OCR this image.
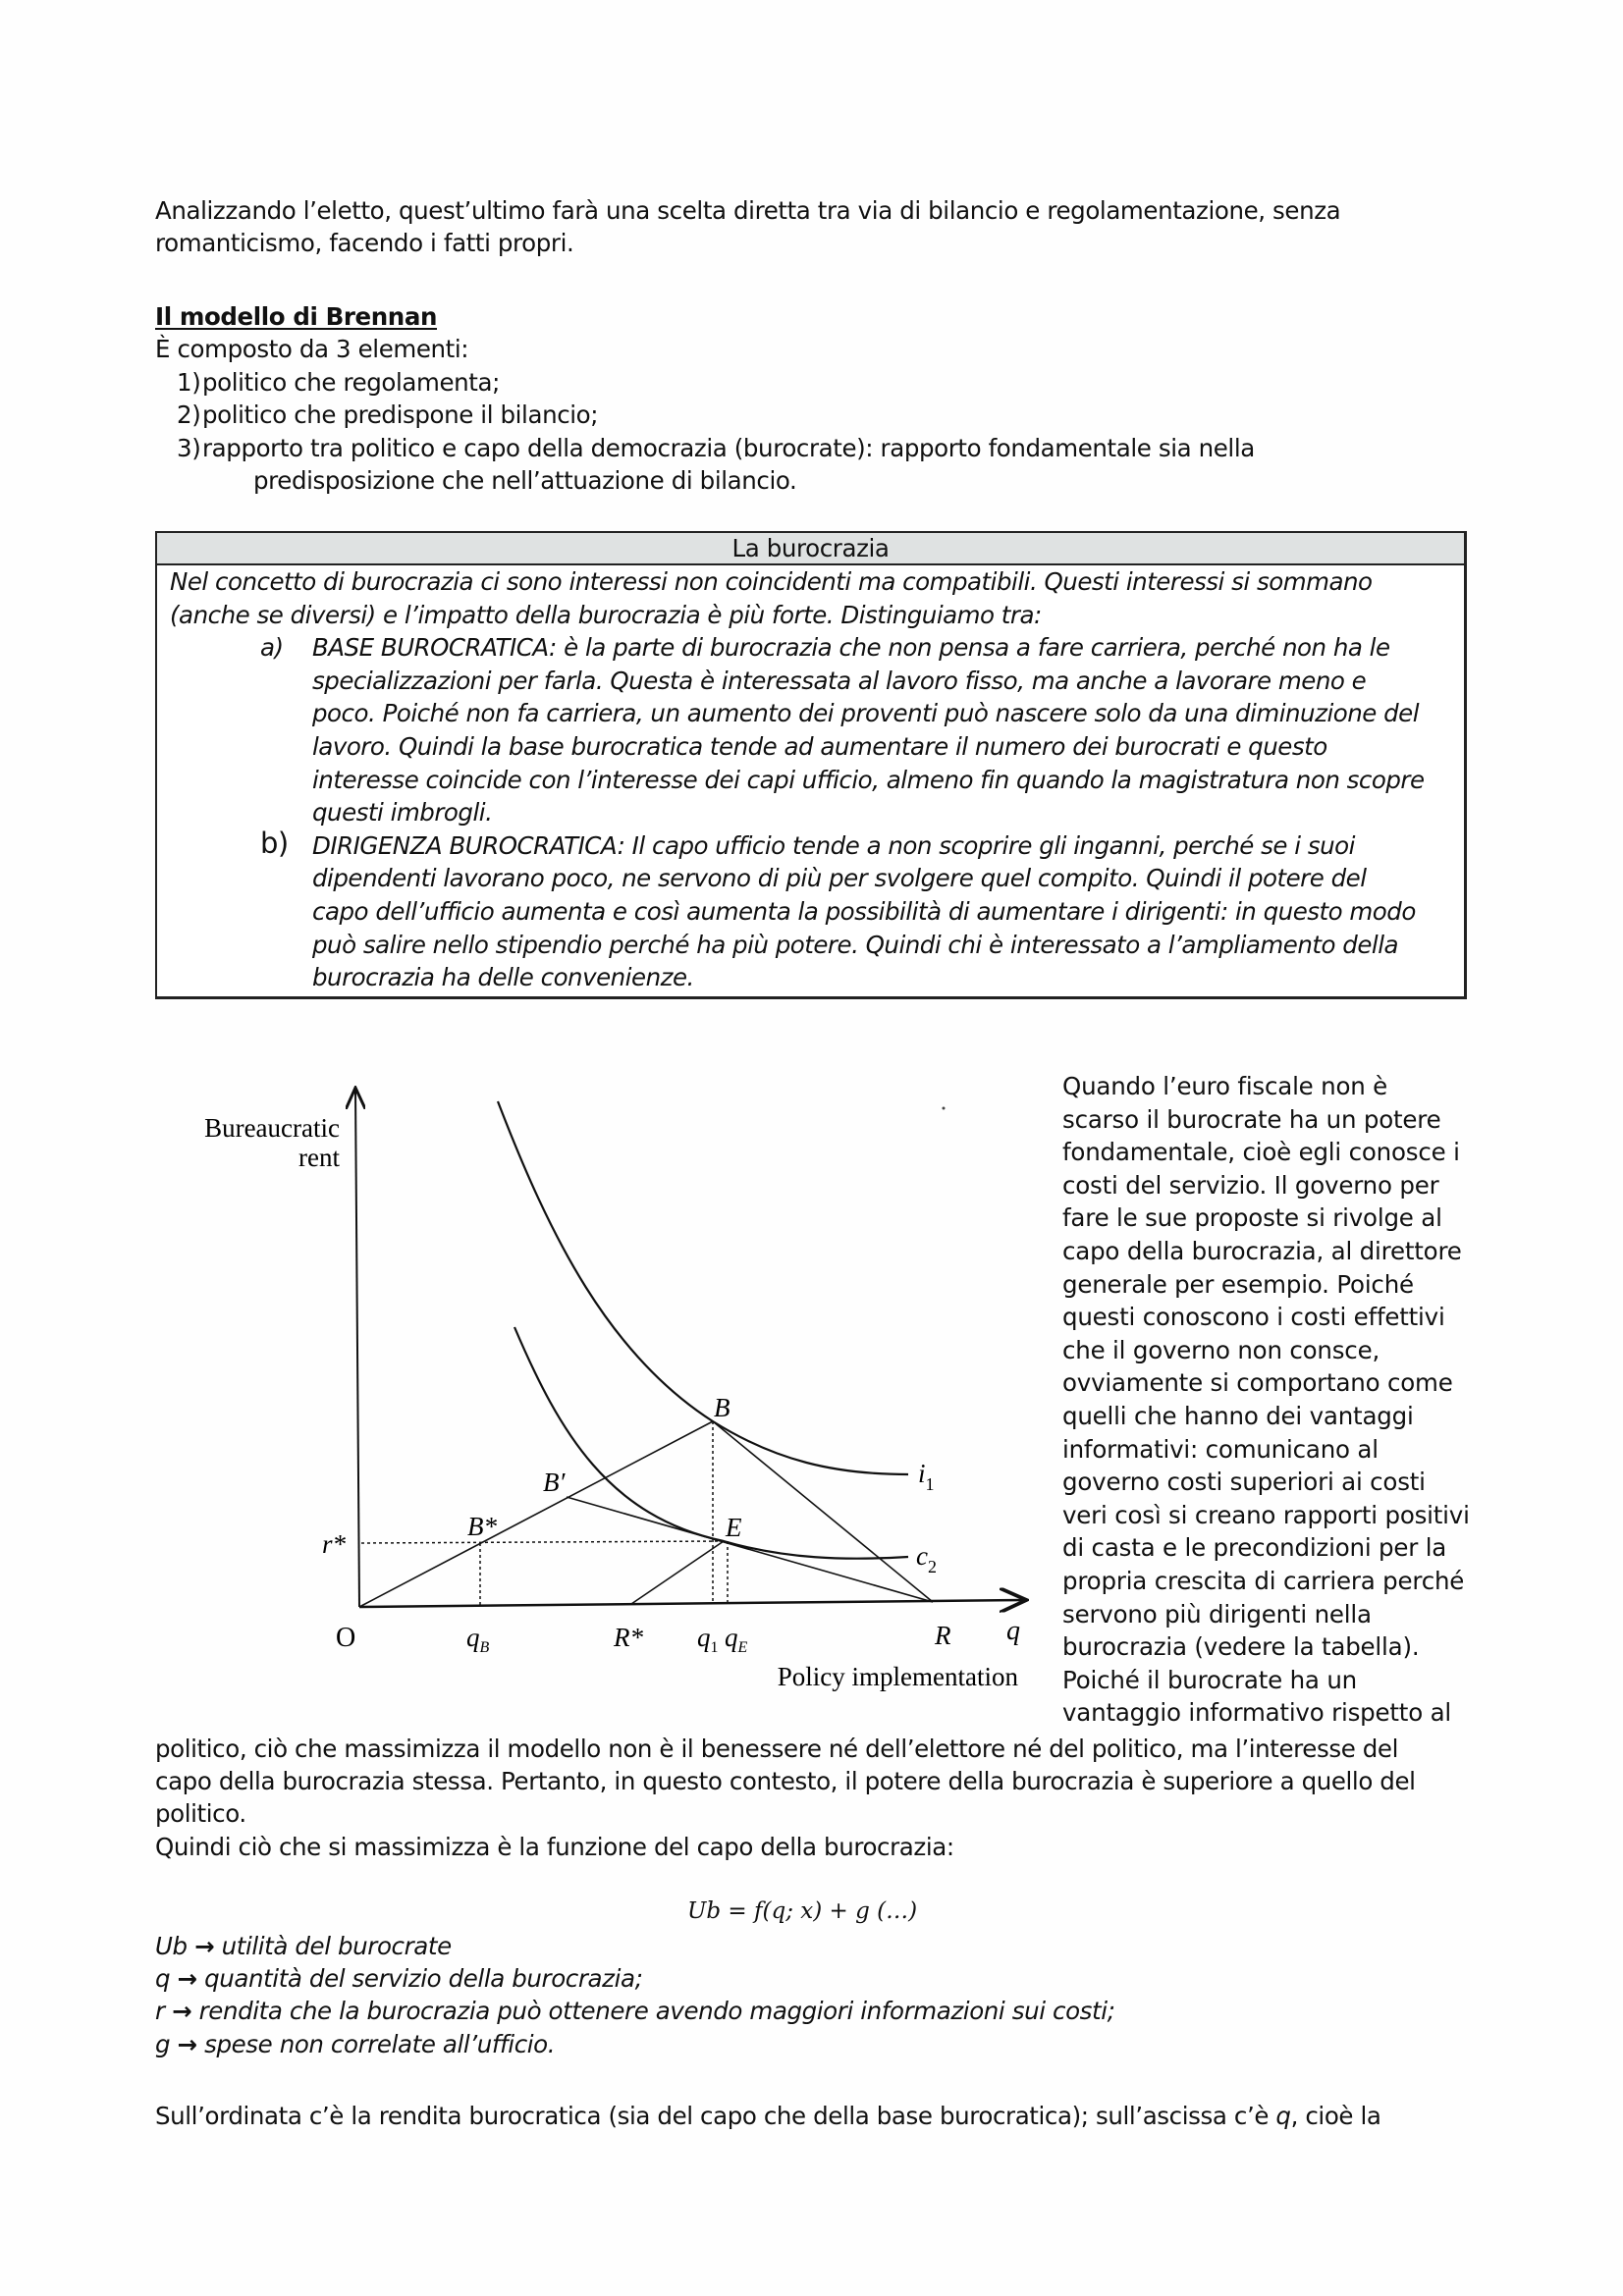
Analizzando l’eletto, quest’ultimo farà una scelta diretta tra via di bilancio e regolamentazione, senza
romanticismo, facendo i fatti propri.
Il modello di Brennan
È composto da 3 elementi:
1)politico che regolamenta;
2)politico che predispone il bilancio;
3)rapporto tra politico e capo della democrazia (burocrate): rapporto fondamentale sia nella
predisposizione che nell’attuazione di bilancio.
La burocrazia
Nel concetto di burocrazia ci sono interessi non coincidenti ma compatibili. Questi interessi si sommano
(anche se diversi) e l’impatto della burocrazia è più forte. Distinguiamo tra:
a)	BASE BUROCRATICA: è la parte di burocrazia che non pensa a fare carriera, perché non ha le
specializzazioni per farla. Questa è interessata al lavoro fisso, ma anche a lavorare meno e
poco. Poiché non fa carriera, un aumento dei proventi può nascere solo da una diminuzione del
lavoro. Quindi la base burocratica tende ad aumentare il numero dei burocrati e questo
interesse coincide con l’interesse dei capi ufficio, almeno fin quando la magistratura non scopre
questi imbrogli.
b) DIRIGENZA BUROCRATICA: Il capo ufficio tende a non scoprire gli inganni, perché se i suoi
dipendenti lavorano poco, ne servono di più per svolgere quel compito. Quindi il potere del
capo dell’ufficio aumenta e così aumenta la possibilità di aumentare i dirigenti: in questo modo
può salire nello stipendio perché ha più potere. Quindi chi è interessato a l’ampliamento della
burocrazia ha delle convenienze.
Bureaucratic
rent
Policy implementation
q
O
B
B′
B*	E
$i_1$
$c_2$
r*
$q_B$	R* $q_1$ $q_E$	R
Quando l’euro fiscale non è
scarso il burocrate ha un potere
fondamentale, cioè egli conosce i
costi del servizio. Il governo per
fare le sue proposte si rivolge al
capo della burocrazia, al direttore
generale per esempio. Poiché
questi conoscono i costi effettivi
che il governo non consce,
ovviamente si comportano come
quelli che hanno dei vantaggi
informativi: comunicano al
governo costi superiori ai costi
veri così si creano rapporti positivi
di casta e le precondizioni per la
propria crescita di carriera perché
servono più dirigenti nella
burocrazia (vedere la tabella).
Poiché il burocrate ha un
vantaggio informativo rispetto al
politico, ciò che massimizza il modello non è il benessere né dell’elettore né del politico, ma l’interesse del
capo della burocrazia stessa. Pertanto, in questo contesto, il potere della burocrazia è superiore a quello del
politico.
Quindi ciò che si massimizza è la funzione del capo della burocrazia:
Ub = f(q; x) + g (…)
Ub → utilità del burocrate
q → quantità del servizio della burocrazia;
r → rendita che la burocrazia può ottenere avendo maggiori informazioni sui costi;
g → spese non correlate all’ufficio.
Sull’ordinata c’è la rendita burocratica (sia del capo che della base burocratica); sull’ascissa c’è q, cioè la
